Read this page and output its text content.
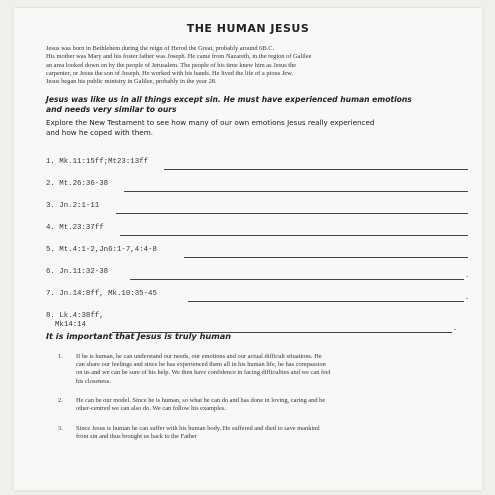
THE HUMAN JESUS
Jesus was born in Bethlehem during the reign of Herod the Great, probably around 6B.C.
His mother was Mary and his foster father was Joseph. He came from Nazareth, in the region of Galilee
an area looked down on by the people of Jerusalem. The people of his time knew him as Jesus the
carpenter, or Jesus the son of Joseph. He worked with his hands. He lived the life of a pious Jew.
Jesus began his public ministry in Galilee, probably in the year 28.
Jesus was like us in all things except sin. He must have experienced human emotions
and needs very similar to ours
Explore the New Testament to see how many of our own emotions Jesus really experienced
and how he coped with them.
1. Mk.11:15ff;Mt23:13ff
2. Mt.26:36-38
3. Jn.2:1-11
4. Mt.23:37ff
5. Mt.4:1-2,Jn6:1-7,4:4-8
6. Jn.11:32-38	.
7. Jn.14:8ff, Mk.10:35-45	.
8. Lk.4:38ff,
Mk14:14	.
It is important that Jesus is truly human
1. If he is human, he can understand our needs, our emotions and our actual difficult situations. He
can share our feelings and since he has experienced them all in his human life, he has compassion
on us and we can be sure of his help. We then have confidence in facing difficulties and we can feel
his closeness.
2. He can be our model. Since he is human, so what he can do and has done in loving, caring and be
other-centred we can also do. We can follow his examples.
3. Since Jesus is human he can suffer with his human body. He suffered and died to save mankind
from sin and thus brought us back to the Father
